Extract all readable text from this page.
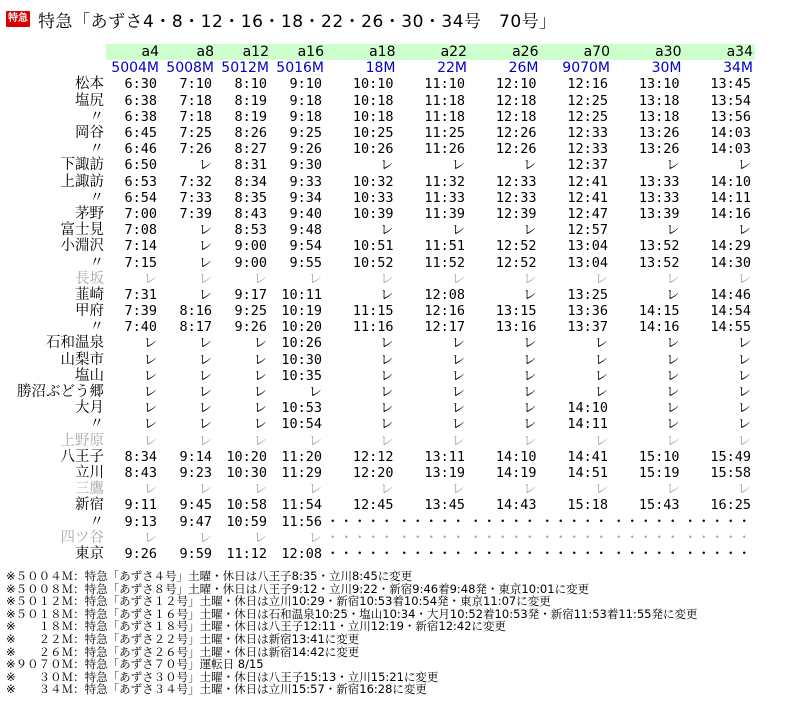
特急 特急「あずさ4・8・12・16・18・22・26・30・34号　70号」
	a4	a8	a12	a16	a18	a22	a26	a70	a30	a34
	5004M	5008M	5012M	5016M	18M	22M	26M	9070M	30M	34M
松本	6:30	7:10	8:10	9:10	10:10	11:10	12:10	12:16	13:10	13:45
塩尻	6:38	7:18	8:19	9:18	10:18	11:18	12:18	12:25	13:18	13:54
〃	6:38	7:18	8:19	9:18	10:18	11:18	12:18	12:25	13:18	13:56
岡谷	6:45	7:25	8:26	9:25	10:25	11:25	12:26	12:33	13:26	14:03
〃	6:46	7:26	8:27	9:26	10:26	11:26	12:26	12:33	13:26	14:03
下諏訪	6:50	レ	8:31	9:30	レ	レ	レ	12:37	レ	レ
上諏訪	6:53	7:32	8:34	9:33	10:32	11:32	12:33	12:41	13:33	14:10
〃	6:54	7:33	8:35	9:34	10:33	11:33	12:33	12:41	13:33	14:11
茅野	7:00	7:39	8:43	9:40	10:39	11:39	12:39	12:47	13:39	14:16
富士見	7:08	レ	8:53	9:48	レ	レ	レ	12:57	レ	レ
小淵沢	7:14	レ	9:00	9:54	10:51	11:51	12:52	13:04	13:52	14:29
〃	7:15	レ	9:00	9:55	10:52	11:52	12:52	13:04	13:52	14:30
長坂	レ	レ	レ	レ	レ	レ	レ	レ	レ	レ
韮崎	7:31	レ	9:17	10:11	レ	12:08	レ	13:25	レ	14:46
甲府	7:39	8:16	9:25	10:19	11:15	12:16	13:15	13:36	14:15	14:54
〃	7:40	8:17	9:26	10:20	11:16	12:17	13:16	13:37	14:16	14:55
石和温泉	レ	レ	レ	10:26	レ	レ	レ	レ	レ	レ
山梨市	レ	レ	レ	10:30	レ	レ	レ	レ	レ	レ
塩山	レ	レ	レ	10:35	レ	レ	レ	レ	レ	レ
勝沼ぶどう郷	レ	レ	レ	レ	レ	レ	レ	レ	レ	レ
大月	レ	レ	レ	10:53	レ	レ	レ	14:10	レ	レ
〃	レ	レ	レ	10:54	レ	レ	レ	14:11	レ	レ
上野原	レ	レ	レ	レ	レ	レ	レ	レ	レ	レ
八王子	8:34	9:14	10:20	11:20	12:12	13:11	14:10	14:41	15:10	15:49
立川	8:43	9:23	10:30	11:29	12:20	13:19	14:19	14:51	15:19	15:58
三鷹	レ	レ	レ	レ	レ	レ	レ	レ	レ	レ
新宿	9:11	9:45	10:58	11:54	12:45	13:45	14:43	15:18	15:43	16:25
〃	9:13	9:47	10:59	11:56	・・・・・	・・・・・	・・・・・	・・・・・	・・・・・	・・・・・
四ツ谷	レ	レ	レ	レ	・・・・・	・・・・・	・・・・・	・・・・・	・・・・・	・・・・・
東京	9:26	9:59	11:12	12:08	・・・・・	・・・・・	・・・・・	・・・・・	・・・・・	・・・・・
※５００４Ｍ：特急「あずさ４号」土曜・休日は八王子8:35・立川8:45に変更
※５００８Ｍ：特急「あずさ８号」土曜・休日は八王子9:12・立川9:22・新宿9:46着9:48発・東京10:01に変更
※５０１２Ｍ：特急「あずさ１２号」土曜・休日は立川10:29・新宿10:53着10:54発・東京11:07に変更
※５０１８Ｍ：特急「あずさ１６号」土曜・休日は石和温泉10:25・塩山10:34・大月10:52着10:53発・新宿11:53着11:55発に変更
※　　１８Ｍ：特急「あずさ１８号」土曜・休日は八王子12:11・立川12:19・新宿12:42に変更
※　　２２Ｍ：特急「あずさ２２号」土曜・休日は新宿13:41に変更
※　　２６Ｍ：特急「あずさ２６号」土曜・休日は新宿14:42に変更
※９０７０Ｍ：特急「あずさ７０号」運転日 8/15
※　　３０Ｍ：特急「あずさ３０号」土曜・休日は八王子15:13・立川15:21に変更
※　　３４Ｍ：特急「あずさ３４号」土曜・休日は立川15:57・新宿16:28に変更
